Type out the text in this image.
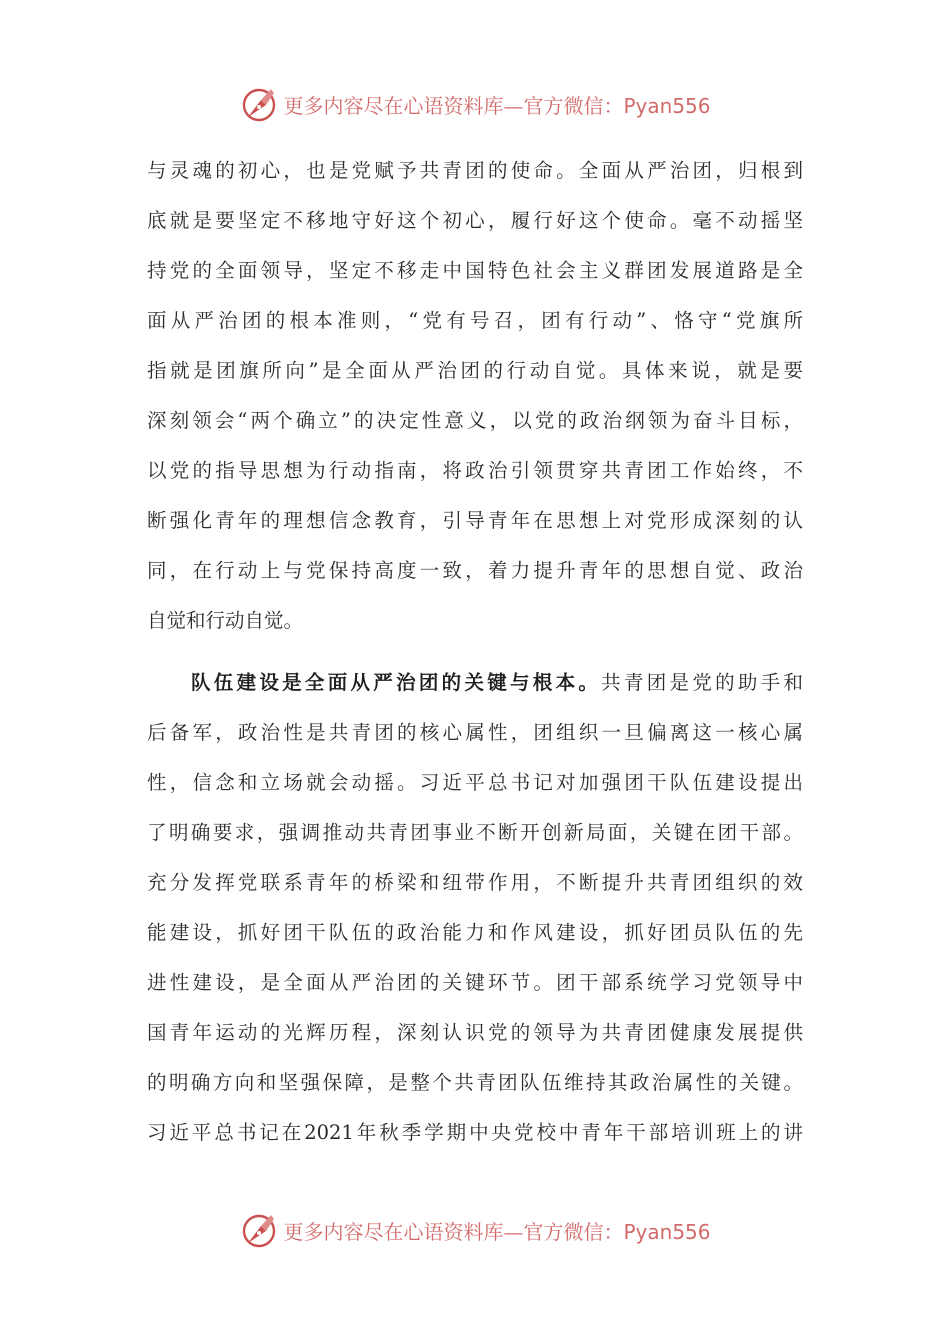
更多内容尽在心语资料库—官方微信：Pyan556
与灵魂的初心，也是党赋予共青团的使命。全面从严治团，归根到
底就是要坚定不移地守好这个初心，履行好这个使命。毫不动摇坚
持党的全面领导，坚定不移走中国特色社会主义群团发展道路是全
面从严治团的根本准则，“党有号召，团有行动”、恪守“党旗所
指就是团旗所向”是全面从严治团的行动自觉。具体来说，就是要
深刻领会“两个确立”的决定性意义，以党的政治纲领为奋斗目标，
以党的指导思想为行动指南，将政治引领贯穿共青团工作始终，不
断强化青年的理想信念教育，引导青年在思想上对党形成深刻的认
同，在行动上与党保持高度一致，着力提升青年的思想自觉、政治
自觉和行动自觉。
队伍建设是全面从严治团的关键与根本。共青团是党的助手和
后备军，政治性是共青团的核心属性，团组织一旦偏离这一核心属
性，信念和立场就会动摇。习近平总书记对加强团干队伍建设提出
了明确要求，强调推动共青团事业不断开创新局面，关键在团干部。
充分发挥党联系青年的桥梁和纽带作用，不断提升共青团组织的效
能建设，抓好团干队伍的政治能力和作风建设，抓好团员队伍的先
进性建设，是全面从严治团的关键环节。团干部系统学习党领导中
国青年运动的光辉历程，深刻认识党的领导为共青团健康发展提供
的明确方向和坚强保障，是整个共青团队伍维持其政治属性的关键。
习近平总书记在2021年秋季学期中央党校中青年干部培训班上的讲
更多内容尽在心语资料库—官方微信：Pyan556
